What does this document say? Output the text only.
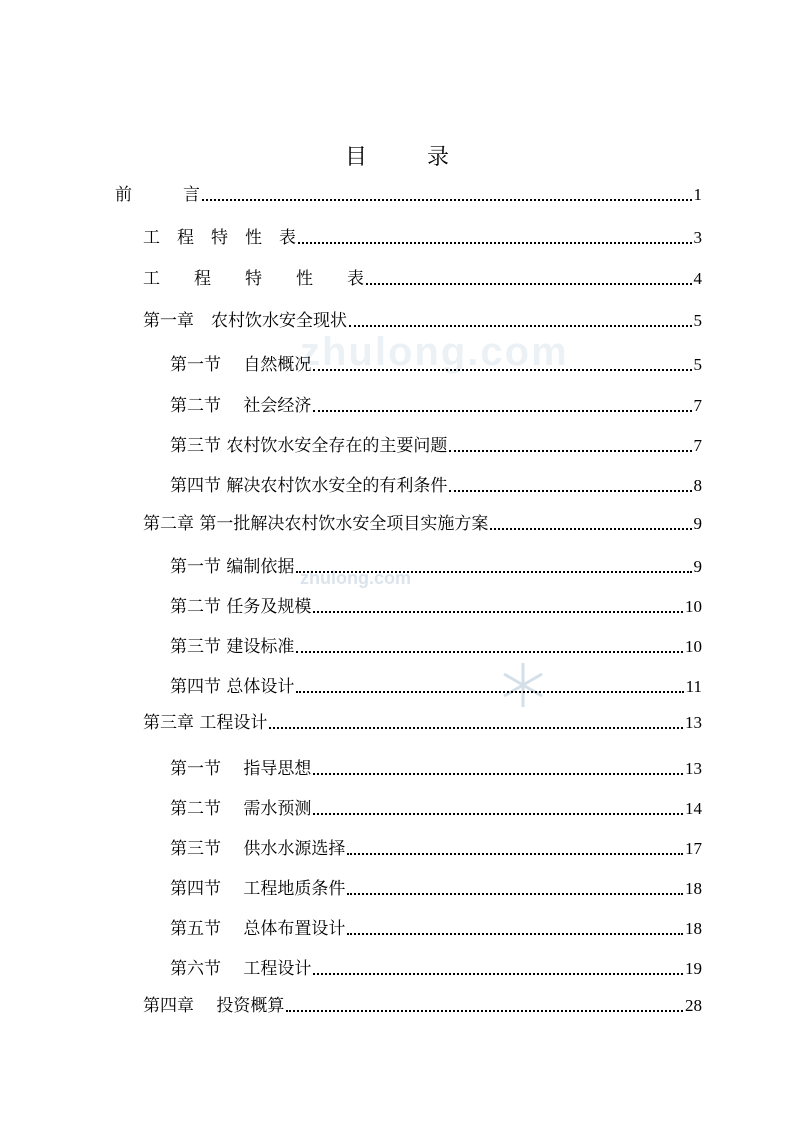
目	录
zhulong.com
zhulong.com
前　　　言	1
工　程　特　性　表	3
工　　程　　特　　性　　表	4
第一章　农村饮水安全现状	5
第一节　 自然概况	5
第二节　 社会经济	7
第三节 农村饮水安全存在的主要问题	7
第四节 解决农村饮水安全的有利条件	8
第二章 第一批解决农村饮水安全项目实施方案	9
第一节 编制依据	9
第二节 任务及规模	10
第三节 建设标准	10
第四节 总体设计	11
第三章 工程设计	13
第一节　 指导思想	13
第二节　 需水预测	14
第三节　 供水水源选择	17
第四节　 工程地质条件	18
第五节　 总体布置设计	18
第六节　 工程设计	19
第四章　 投资概算	28
